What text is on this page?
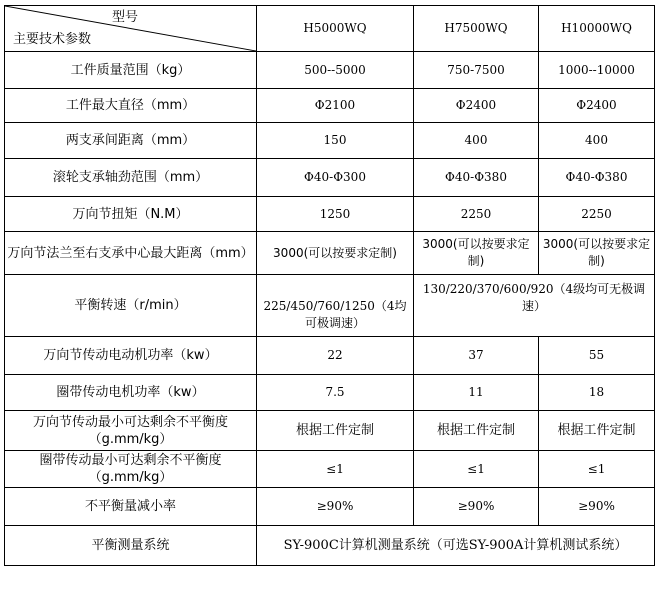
型号
主要技术参数	H5000WQ	H7500WQ	H10000WQ
工件质量范围（kg）	500--5000	750-7500	1000--10000
工件最大直径（mm）	Φ2100	Φ2400	Φ2400
两支承间距离（mm）	150	400	400
滚轮支承轴劲范围（mm）	Φ40-Φ300	Φ40-Φ380	Φ40-Φ380
万向节扭矩（N.M）	1250	2250	2250
万向节法兰至右支承中心最大距离（mm）	3000(可以按要求定制)	3000(可以按要求定制)	3000(可以按要求定制)
平衡转速（r/min）	225/450/760/1250（4均可极调速）	130/220/370/600/920（4级均可无极调速）	
万向节传动电动机功率（kw）	22	37	55
圈带传动电机功率（kw）	7.5	11	18
万向节传动最小可达剩余不平衡度（g.mm/kg）	根据工件定制	根据工件定制	根据工件定制
圈带传动最小可达剩余不平衡度（g.mm/kg）	≤1	≤1	≤1
不平衡量减小率	≥90%	≥90%	≥90%
平衡测量系统	SY-900C计算机测量系统（可选SY-900A计算机测试系统）		
